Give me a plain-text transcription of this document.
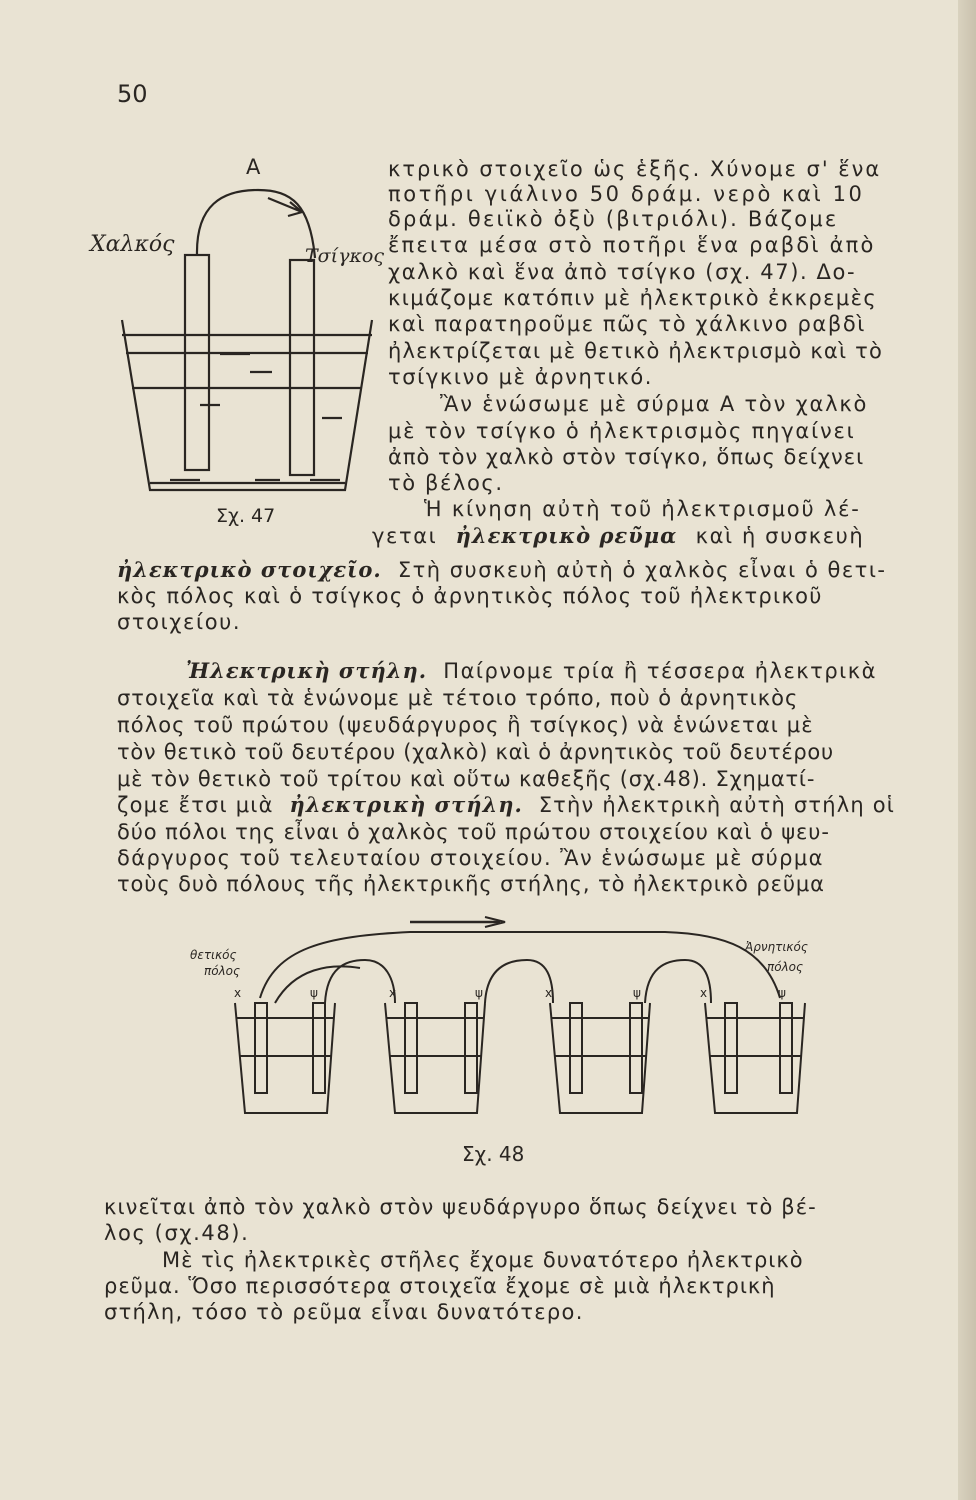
50
A
Χαλκός	Τσίγκος
Σχ. 47
κτρικὸ στοιχεῖο ὡς ἑξῆς. Χύνομε σ' ἕνα
ποτῆρι γιάλινο 50 δράμ. νερὸ καὶ 10
δράμ. θειϊκὸ ὀξὺ (βιτριόλι). Βάζομε
ἔπειτα μέσα στὸ ποτῆρι ἕνα ραβδὶ ἀπὸ
χαλκὸ καὶ ἕνα ἀπὸ τσίγκο (σχ. 47). Δο-
κιμάζομε κατόπιν μὲ ἠλεκτρικὸ ἐκκρεμὲς
καὶ παρατηροῦμε πῶς τὸ χάλκινο ραβδὶ
ἠλεκτρίζεται μὲ θετικὸ ἠλεκτρισμὸ καὶ τὸ
τσίγκινο μὲ ἀρνητικό.
Ἂν ἑνώσωμε μὲ σύρμα A τὸν χαλκὸ
μὲ τὸν τσίγκο ὁ ἠλεκτρισμὸς πηγαίνει
ἀπὸ τὸν χαλκὸ στὸν τσίγκο, ὅπως δείχνει
τὸ βέλος.
Ἡ κίνηση αὐτὴ τοῦ ἠλεκτρισμοῦ λέ-
γεται ἠλεκτρικὸ ρεῦμα καὶ ἡ συσκευὴ
ἠλεκτρικὸ στοιχεῖο. Στὴ συσκευὴ αὐτὴ ὁ χαλκὸς εἶναι ὁ θετι-
κὸς πόλος καὶ ὁ τσίγκος ὁ ἀρνητικὸς πόλος τοῦ ἠλεκτρικοῦ
στοιχείου.
Ἠλεκτρικὴ στήλη. Παίρνομε τρία ἢ τέσσερα ἠλεκτρικὰ
στοιχεῖα καὶ τὰ ἑνώνομε μὲ τέτοιο τρόπο, ποὺ ὁ ἀρνητικὸς
πόλος τοῦ πρώτου (ψευδάργυρος ἢ τσίγκος) νὰ ἑνώνεται μὲ
τὸν θετικὸ τοῦ δευτέρου (χαλκὸ) καὶ ὁ ἀρνητικὸς τοῦ δευτέρου
μὲ τὸν θετικὸ τοῦ τρίτου καὶ οὕτω καθεξῆς (σχ.48). Σχηματί-
ζομε ἔτσι μιὰ ἠλεκτρικὴ στήλη. Στὴν ἠλεκτρικὴ αὐτὴ στήλη οἱ
δύο πόλοι της εἶναι ὁ χαλκὸς τοῦ πρώτου στοιχείου καὶ ὁ ψευ-
δάργυρος τοῦ τελευταίου στοιχείου. Ἂν ἑνώσωμε μὲ σύρμα
τοὺς δυὸ πόλους τῆς ἠλεκτρικῆς στήλης, τὸ ἠλεκτρικὸ ρεῦμα
θετικός
πόλος
Ἀρνητικός
πόλος
x	ψ	x	ψ	x	ψ	x	ψ
Σχ. 48
κινεῖται ἀπὸ τὸν χαλκὸ στὸν ψευδάργυρο ὅπως δείχνει τὸ βέ-
λος (σχ.48).
Μὲ τὶς ἠλεκτρικὲς στῆλες ἔχομε δυνατότερο ἠλεκτρικὸ
ρεῦμα. Ὅσο περισσότερα στοιχεῖα ἔχομε σὲ μιὰ ἠλεκτρικὴ
στήλη, τόσο τὸ ρεῦμα εἶναι δυνατότερο.
